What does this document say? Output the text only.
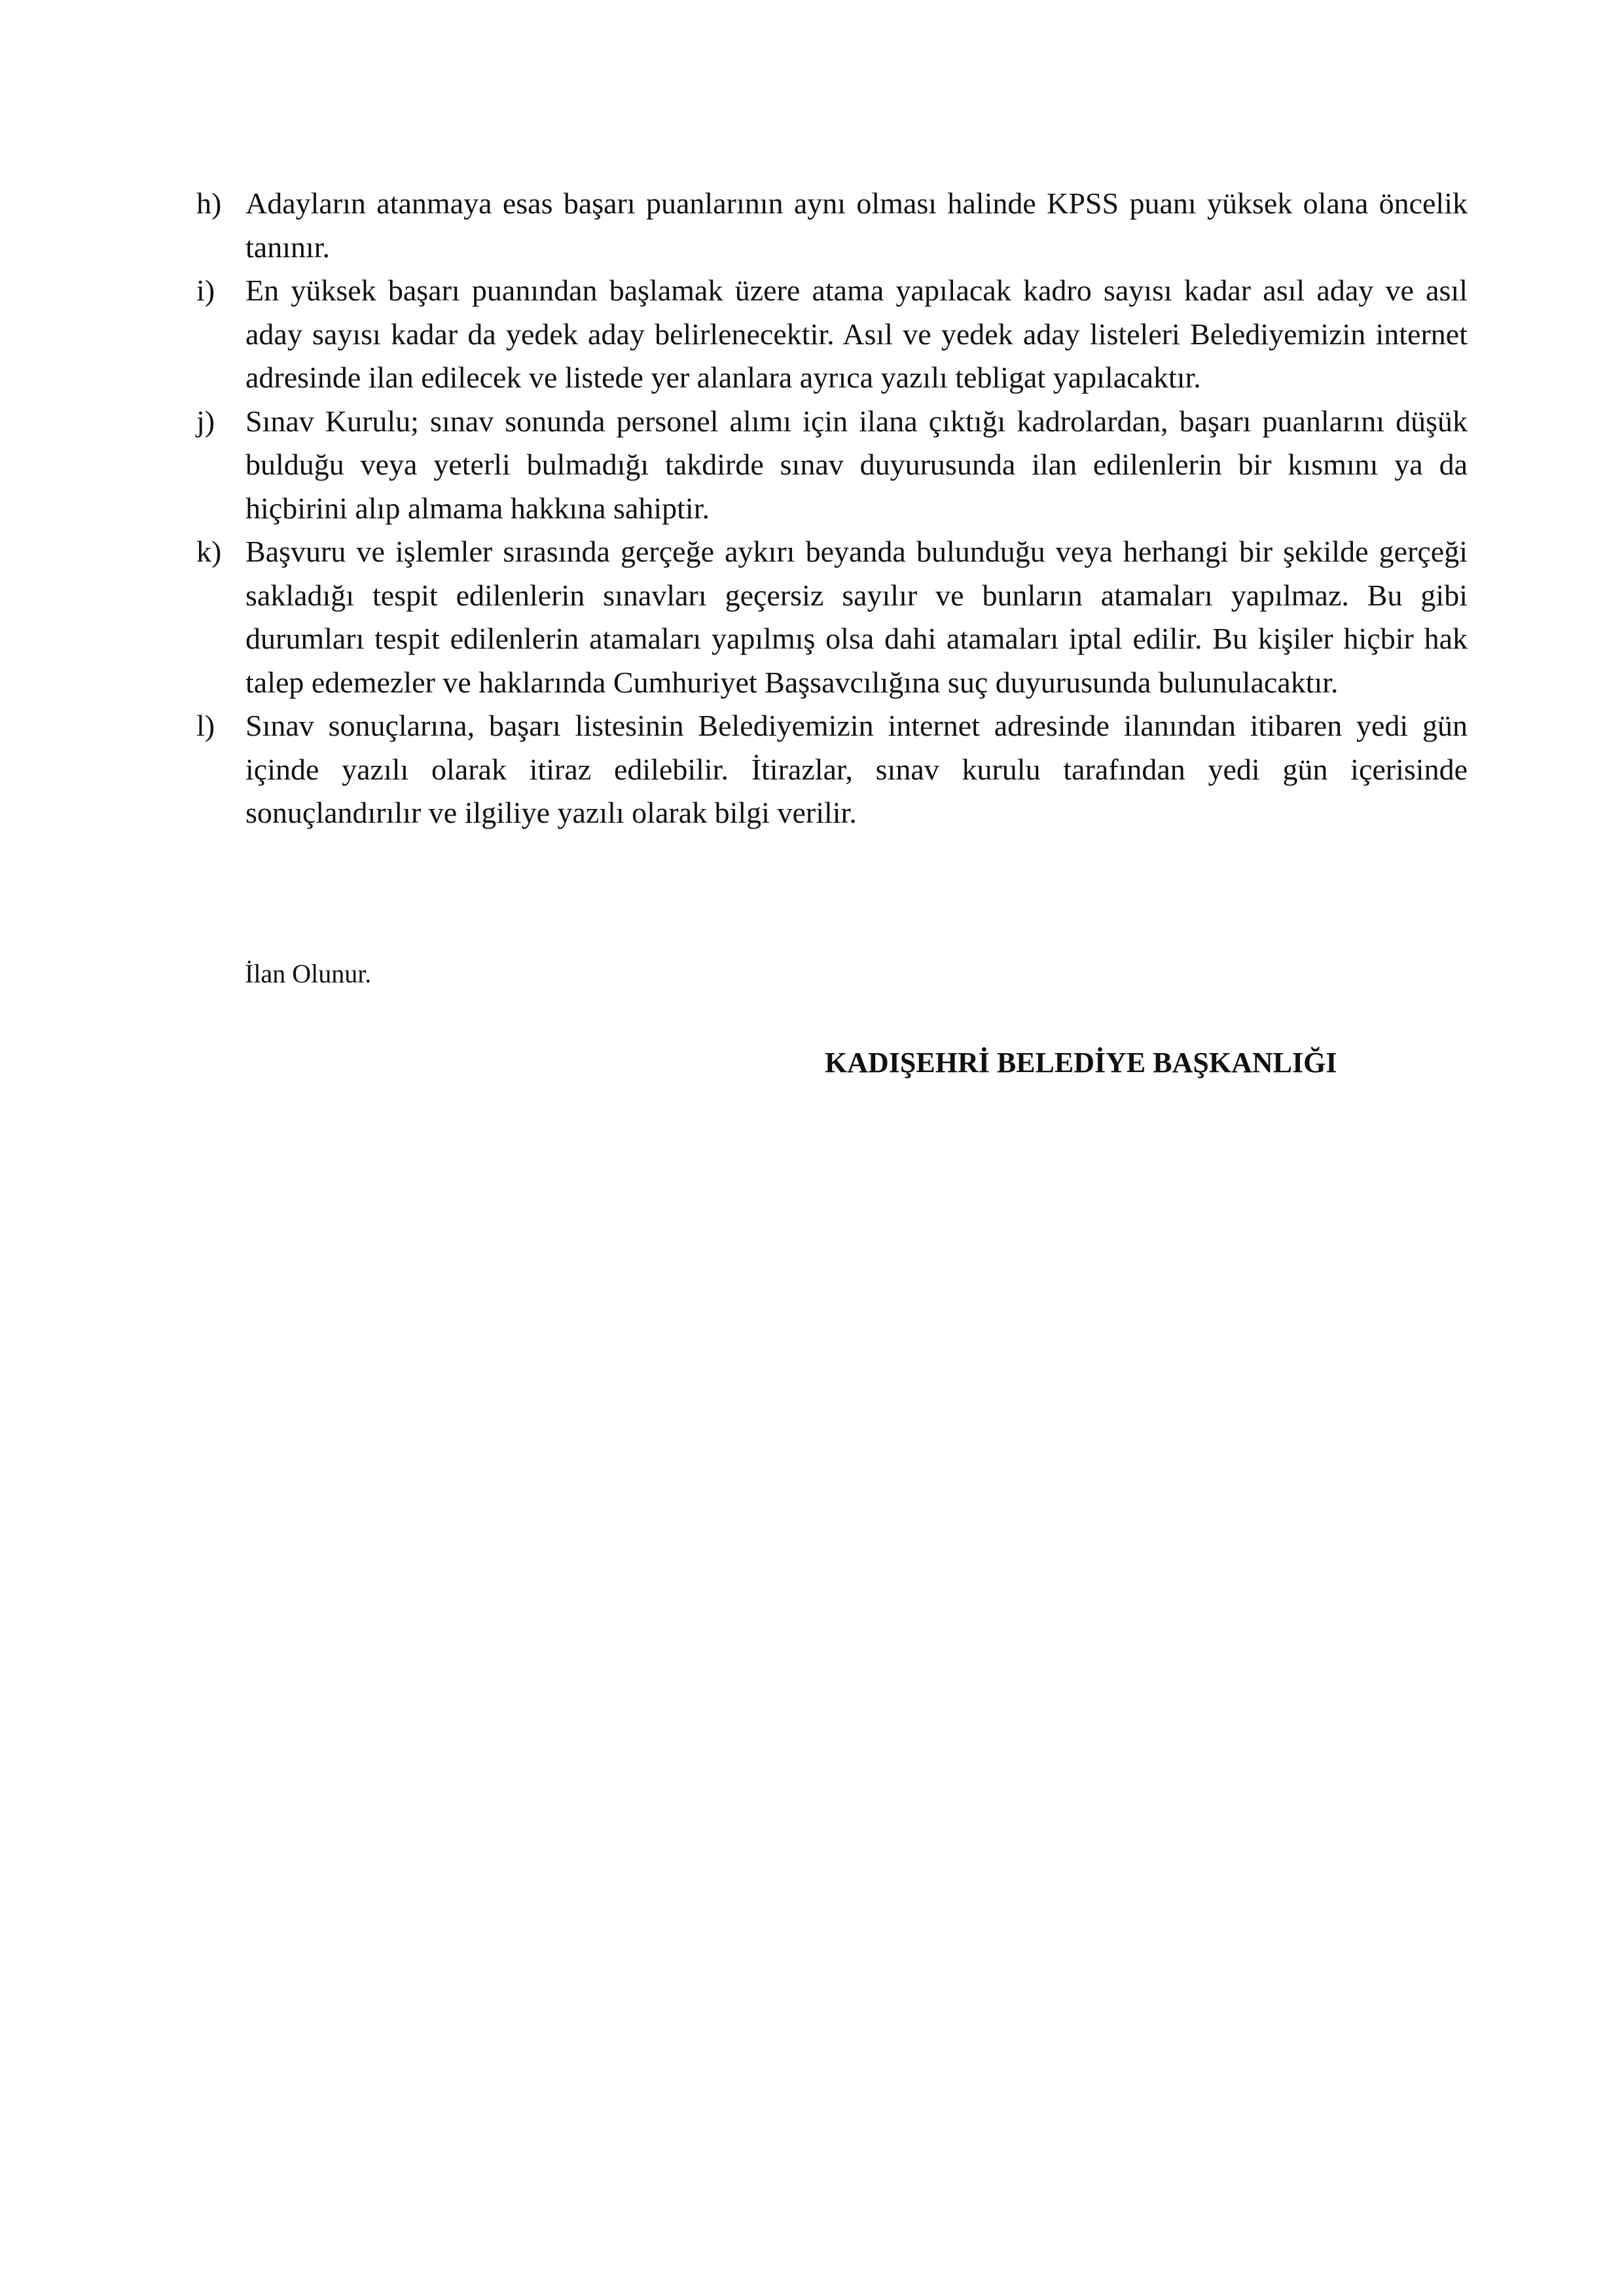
h) Adayların atanmaya esas başarı puanlarının aynı olması halinde KPSS puanı yüksek olana öncelik tanınır.
i)	En yüksek başarı puanından başlamak üzere atama yapılacak kadro sayısı kadar asıl aday ve asıl aday sayısı kadar da yedek aday belirlenecektir. Asıl ve yedek aday listeleri Belediyemizin internet adresinde ilan edilecek ve listede yer alanlara ayrıca yazılı tebligat yapılacaktır.
j)	Sınav Kurulu; sınav sonunda personel alımı için ilana çıktığı kadrolardan, başarı puanlarını düşük bulduğu veya yeterli bulmadığı takdirde sınav duyurusunda ilan edilenlerin bir kısmını ya da hiçbirini alıp almama hakkına sahiptir.
k) Başvuru ve işlemler sırasında gerçeğe aykırı beyanda bulunduğu veya herhangi bir şekilde gerçeği sakladığı tespit edilenlerin sınavları geçersiz sayılır ve bunların atamaları yapılmaz. Bu gibi durumları tespit edilenlerin atamaları yapılmış olsa dahi atamaları iptal edilir. Bu kişiler hiçbir hak talep edemezler ve haklarında Cumhuriyet Başsavcılığına suç duyurusunda bulunulacaktır.
l)	Sınav sonuçlarına, başarı listesinin Belediyemizin internet adresinde ilanından itibaren yedi gün içinde yazılı olarak itiraz edilebilir. İtirazlar, sınav kurulu tarafından yedi gün içerisinde sonuçlandırılır ve ilgiliye yazılı olarak bilgi verilir.
İlan Olunur.
KADIŞEHRİ BELEDİYE BAŞKANLIĞI
